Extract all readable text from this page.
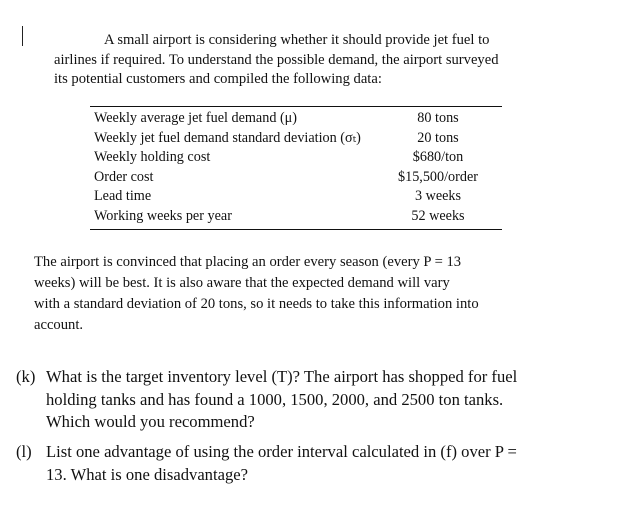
A small airport is considering whether it should provide jet fuel to
airlines if required. To understand the possible demand, the airport surveyed
its potential customers and compiled the following data:
Weekly average jet fuel demand (μ)	80 tons
Weekly jet fuel demand standard deviation (σₜ)	20 tons
Weekly holding cost	$680/ton
Order cost	$15,500/order
Lead time	3 weeks
Working weeks per year	52 weeks
The airport is convinced that placing an order every season (every P = 13
weeks) will be best. It is also aware that the expected demand will vary
with a standard deviation of 20 tons, so it needs to take this information into
account.
(k) What is the target inventory level (T)? The airport has shopped for fuel
holding tanks and has found a 1000, 1500, 2000, and 2500 ton tanks.
Which would you recommend?
(l) List one advantage of using the order interval calculated in (f) over P =
13. What is one disadvantage?
